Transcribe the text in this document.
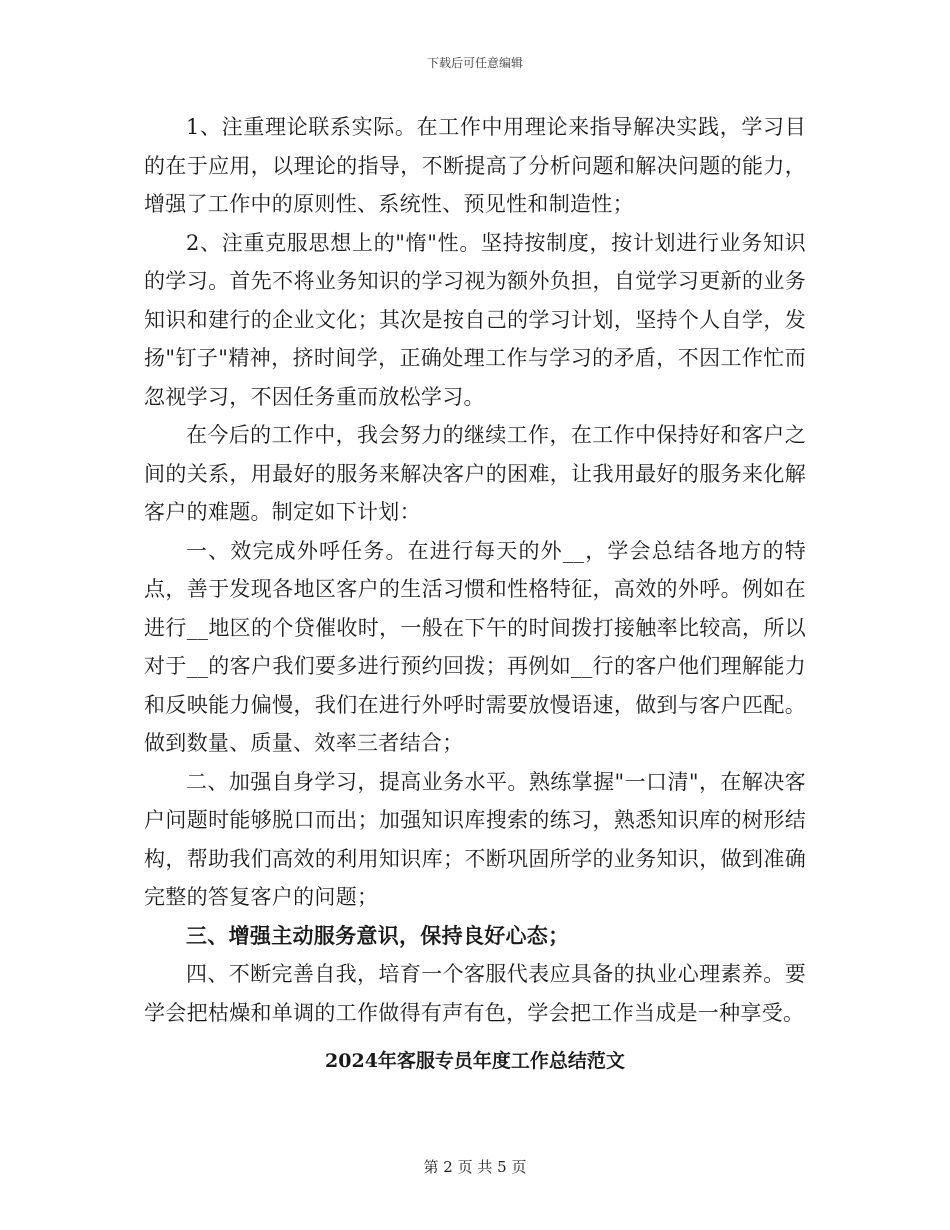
下载后可任意编辑

1、注重理论联系实际。在工作中用理论来指导解决实践，学习目的在于应用，以理论的指导，不断提高了分析问题和解决问题的能力，增强了工作中的原则性、系统性、预见性和制造性；

2、注重克服思想上的"惰"性。坚持按制度，按计划进行业务知识的学习。首先不将业务知识的学习视为额外负担，自觉学习更新的业务知识和建行的企业文化；其次是按自己的学习计划，坚持个人自学，发扬"钉子"精神，挤时间学，正确处理工作与学习的矛盾，不因工作忙而忽视学习，不因任务重而放松学习。

在今后的工作中，我会努力的继续工作，在工作中保持好和客户之间的关系，用最好的服务来解决客户的困难，让我用最好的服务来化解客户的难题。制定如下计划：

一、效完成外呼任务。在进行每天的外__，学会总结各地方的特点，善于发现各地区客户的生活习惯和性格特征，高效的外呼。例如在进行__地区的个贷催收时，一般在下午的时间拨打接触率比较高，所以对于__的客户我们要多进行预约回拨；再例如__行的客户他们理解能力和反映能力偏慢，我们在进行外呼时需要放慢语速，做到与客户匹配。做到数量、质量、效率三者结合；

二、加强自身学习，提高业务水平。熟练掌握"一口清"，在解决客户问题时能够脱口而出；加强知识库搜索的练习，熟悉知识库的树形结构，帮助我们高效的利用知识库；不断巩固所学的业务知识，做到准确完整的答复客户的问题；

三、增强主动服务意识，保持良好心态；

四、不断完善自我，培育一个客服代表应具备的执业心理素养。要学会把枯燥和单调的工作做得有声有色，学会把工作当成是一种享受。

2024年客服专员年度工作总结范文
第 2 页 共 5 页
